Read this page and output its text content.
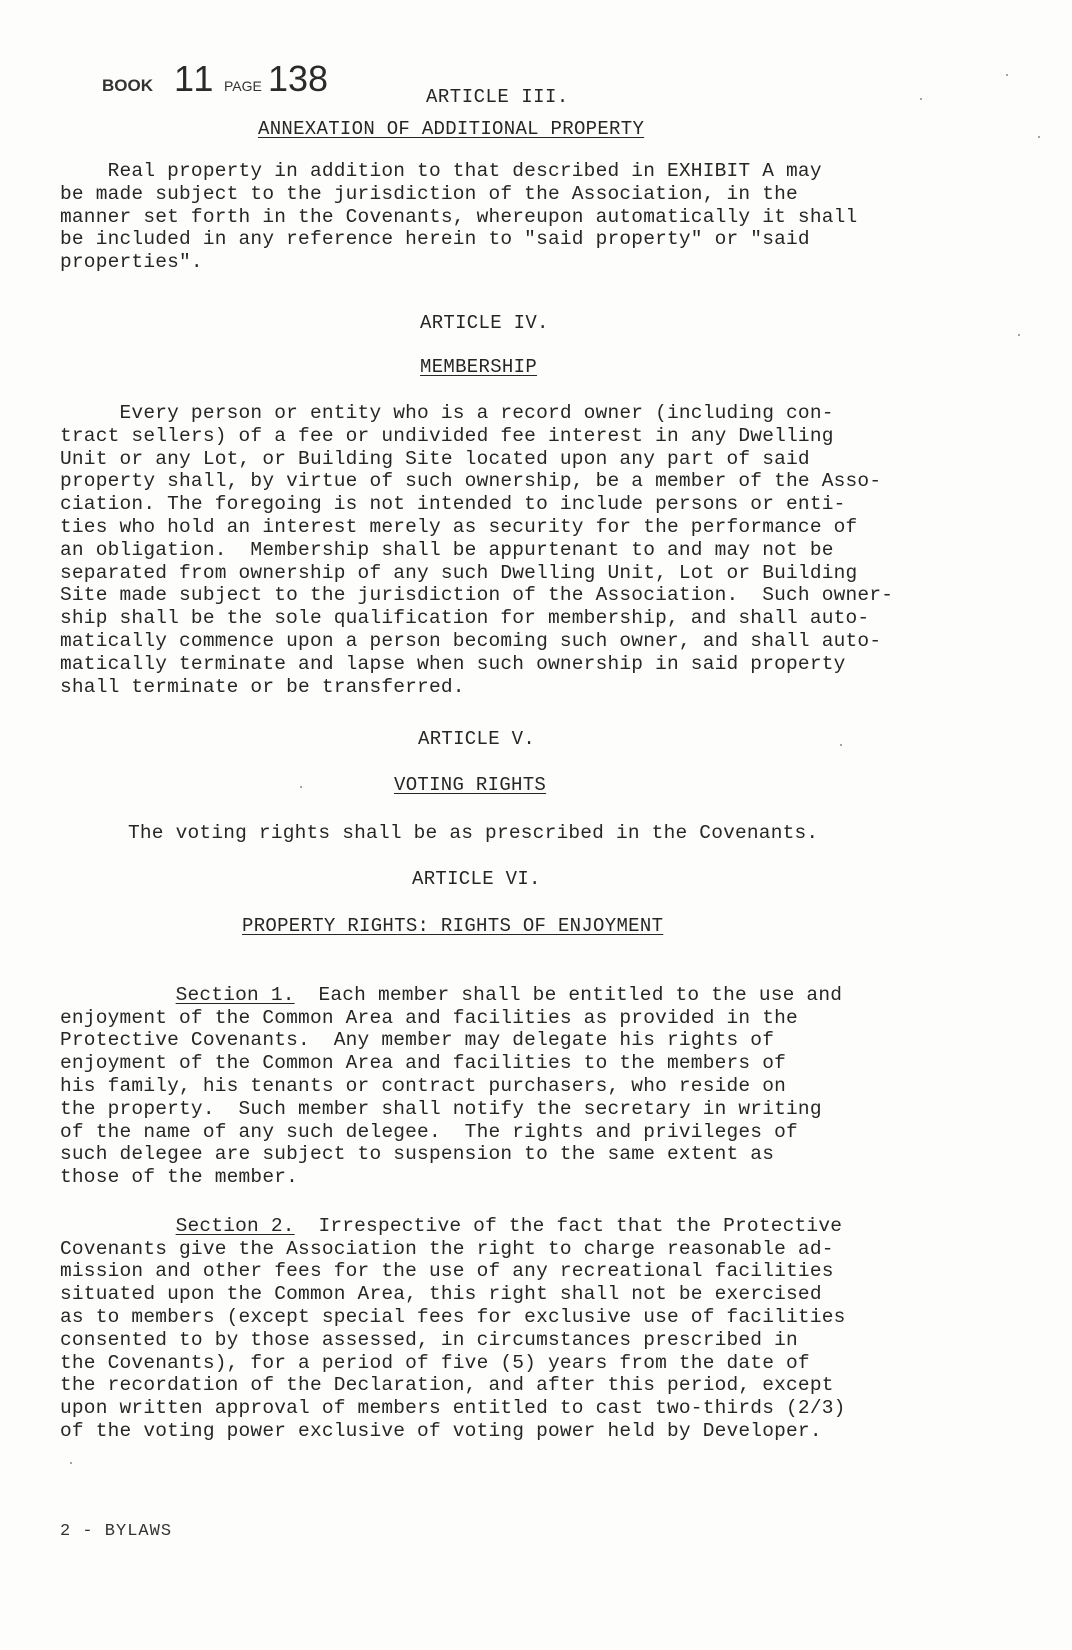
BOOK 11 PAGE 138	ARTICLE III.
ANNEXATION OF ADDITIONAL PROPERTY
Real property in addition to that described in EXHIBIT A may
be made subject to the jurisdiction of the Association, in the
manner set forth in the Covenants, whereupon automatically it shall
be included in any reference herein to "said property" or "said
properties".
ARTICLE IV.
MEMBERSHIP
Every person or entity who is a record owner (including con-
tract sellers) of a fee or undivided fee interest in any Dwelling
Unit or any Lot, or Building Site located upon any part of said
property shall, by virtue of such ownership, be a member of the Asso-
ciation. The foregoing is not intended to include persons or enti-
ties who hold an interest merely as security for the performance of
an obligation.  Membership shall be appurtenant to and may not be
separated from ownership of any such Dwelling Unit, Lot or Building
Site made subject to the jurisdiction of the Association.  Such owner-
ship shall be the sole qualification for membership, and shall auto-
matically commence upon a person becoming such owner, and shall auto-
matically terminate and lapse when such ownership in said property
shall terminate or be transferred.
ARTICLE V.
VOTING RIGHTS
The voting rights shall be as prescribed in the Covenants.
ARTICLE VI.
PROPERTY RIGHTS: RIGHTS OF ENJOYMENT

Section 1.  Each member shall be entitled to the use and
enjoyment of the Common Area and facilities as provided in the
Protective Covenants.  Any member may delegate his rights of
enjoyment of the Common Area and facilities to the members of
his family, his tenants or contract purchasers, who reside on
the property.  Such member shall notify the secretary in writing
of the name of any such delegee.  The rights and privileges of
such delegee are subject to suspension to the same extent as
those of the member.

Section 2.  Irrespective of the fact that the Protective
Covenants give the Association the right to charge reasonable ad-
mission and other fees for the use of any recreational facilities
situated upon the Common Area, this right shall not be exercised
as to members (except special fees for exclusive use of facilities
consented to by those assessed, in circumstances prescribed in
the Covenants), for a period of five (5) years from the date of
the recordation of the Declaration, and after this period, except
upon written approval of members entitled to cast two-thirds (2/3)
of the voting power exclusive of voting power held by Developer.

2 - BYLAWS
